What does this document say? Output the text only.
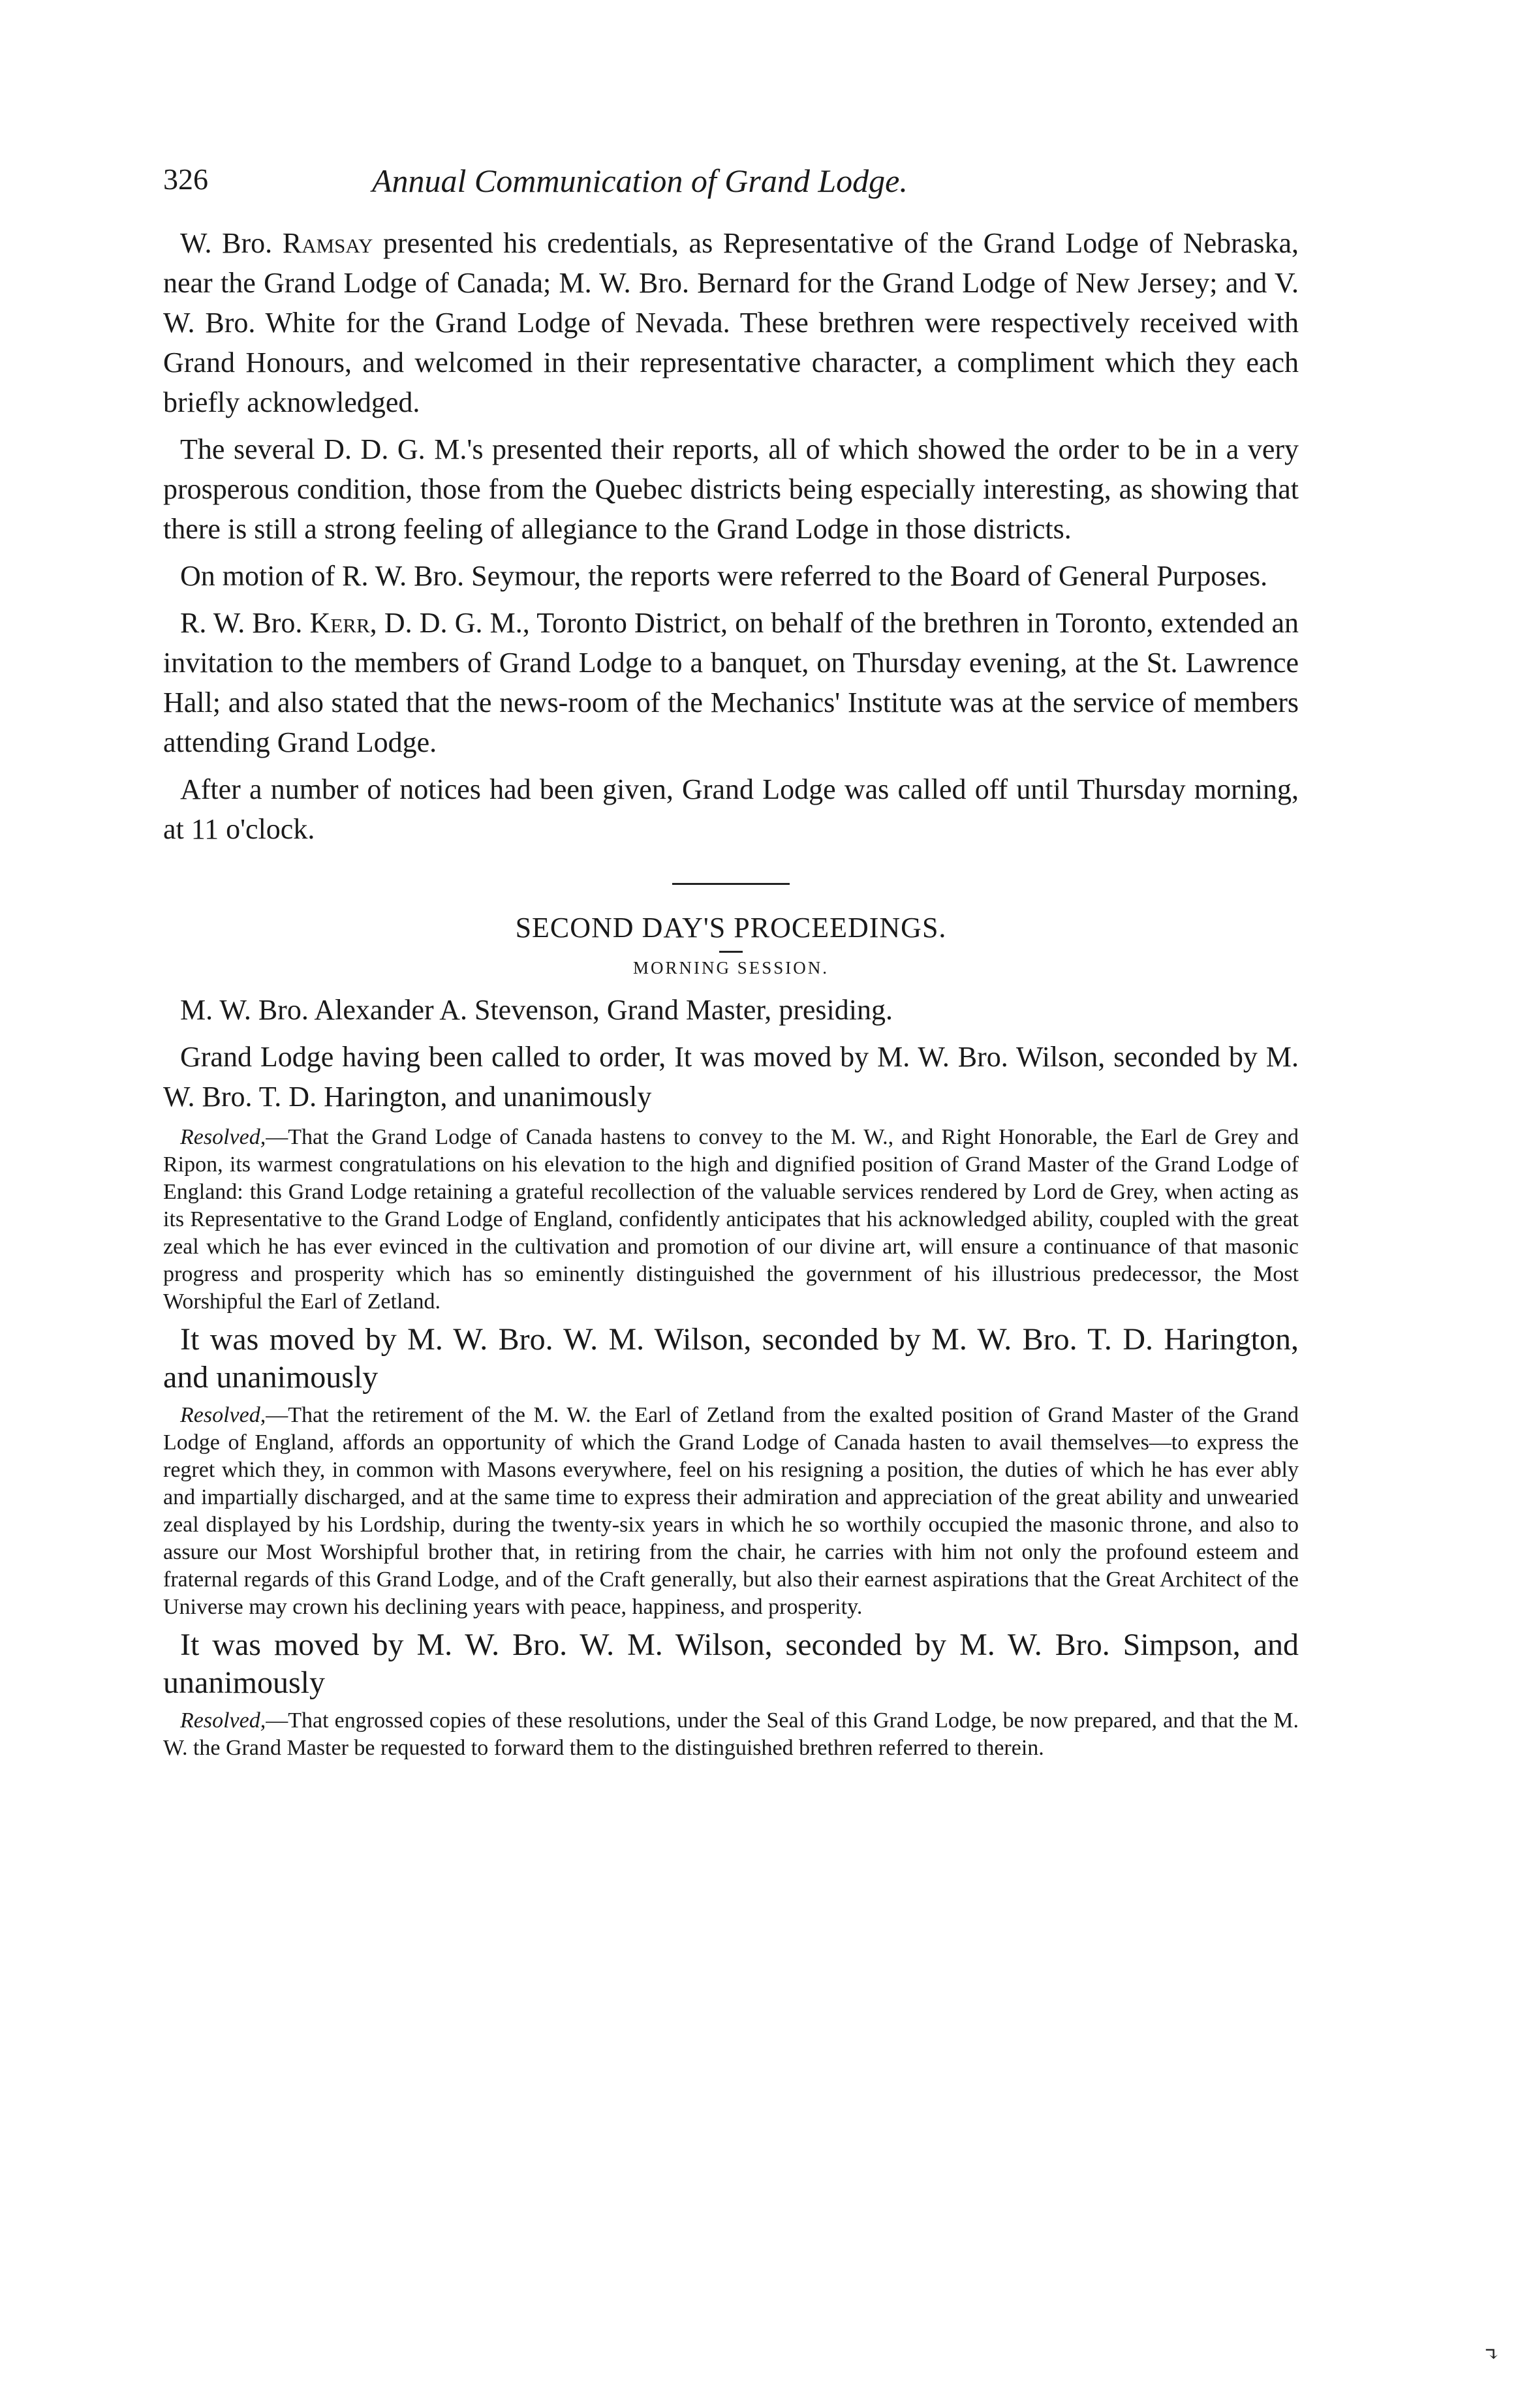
326	Annual Communication of Grand Lodge.

W. Bro. Ramsay presented his credentials, as Representative of the Grand Lodge of Nebraska, near the Grand Lodge of Canada; M. W. Bro. Bernard for the Grand Lodge of New Jersey; and V. W. Bro. White for the Grand Lodge of Nevada. These brethren were respectively received with Grand Honours, and welcomed in their representative character, a compliment which they each briefly acknowledged.

The several D. D. G. M.'s presented their reports, all of which showed the order to be in a very prosperous condition, those from the Quebec districts being especially interesting, as showing that there is still a strong feeling of allegiance to the Grand Lodge in those districts.

On motion of R. W. Bro. Seymour, the reports were referred to the Board of General Purposes.

R. W. Bro. Kerr, D. D. G. M., Toronto District, on behalf of the brethren in Toronto, extended an invitation to the members of Grand Lodge to a banquet, on Thursday evening, at the St. Lawrence Hall; and also stated that the news-room of the Mechanics' Institute was at the service of members attending Grand Lodge.

After a number of notices had been given, Grand Lodge was called off until Thursday morning, at 11 o'clock.

SECOND DAY'S PROCEEDINGS.
MORNING SESSION.

M. W. Bro. Alexander A. Stevenson, Grand Master, presiding.

Grand Lodge having been called to order, It was moved by M. W. Bro. Wilson, seconded by M. W. Bro. T. D. Harington, and unanimously

Resolved,—That the Grand Lodge of Canada hastens to convey to the M. W., and Right Honorable, the Earl de Grey and Ripon, its warmest congratulations on his elevation to the high and dignified position of Grand Master of the Grand Lodge of England: this Grand Lodge retaining a grateful recollection of the valuable services rendered by Lord de Grey, when acting as its Representative to the Grand Lodge of England, confidently anticipates that his acknowledged ability, coupled with the great zeal which he has ever evinced in the cultivation and promotion of our divine art, will ensure a continuance of that masonic progress and prosperity which has so eminently distinguished the government of his illustrious predecessor, the Most Worshipful the Earl of Zetland.

It was moved by M. W. Bro. W. M. Wilson, seconded by M. W. Bro. T. D. Harington, and unanimously

Resolved,—That the retirement of the M. W. the Earl of Zetland from the exalted position of Grand Master of the Grand Lodge of England, affords an opportunity of which the Grand Lodge of Canada hasten to avail themselves—to express the regret which they, in common with Masons everywhere, feel on his resigning a position, the duties of which he has ever ably and impartially discharged, and at the same time to express their admiration and appreciation of the great ability and unwearied zeal displayed by his Lordship, during the twenty-six years in which he so worthily occupied the masonic throne, and also to assure our Most Worshipful brother that, in retiring from the chair, he carries with him not only the profound esteem and fraternal regards of this Grand Lodge, and of the Craft generally, but also their earnest aspirations that the Great Architect of the Universe may crown his declining years with peace, happiness, and prosperity.

It was moved by M. W. Bro. W. M. Wilson, seconded by M. W. Bro. Simpson, and unanimously

Resolved,—That engrossed copies of these resolutions, under the Seal of this Grand Lodge, be now prepared, and that the M. W. the Grand Master be requested to forward them to the distinguished brethren referred to therein.

↴
